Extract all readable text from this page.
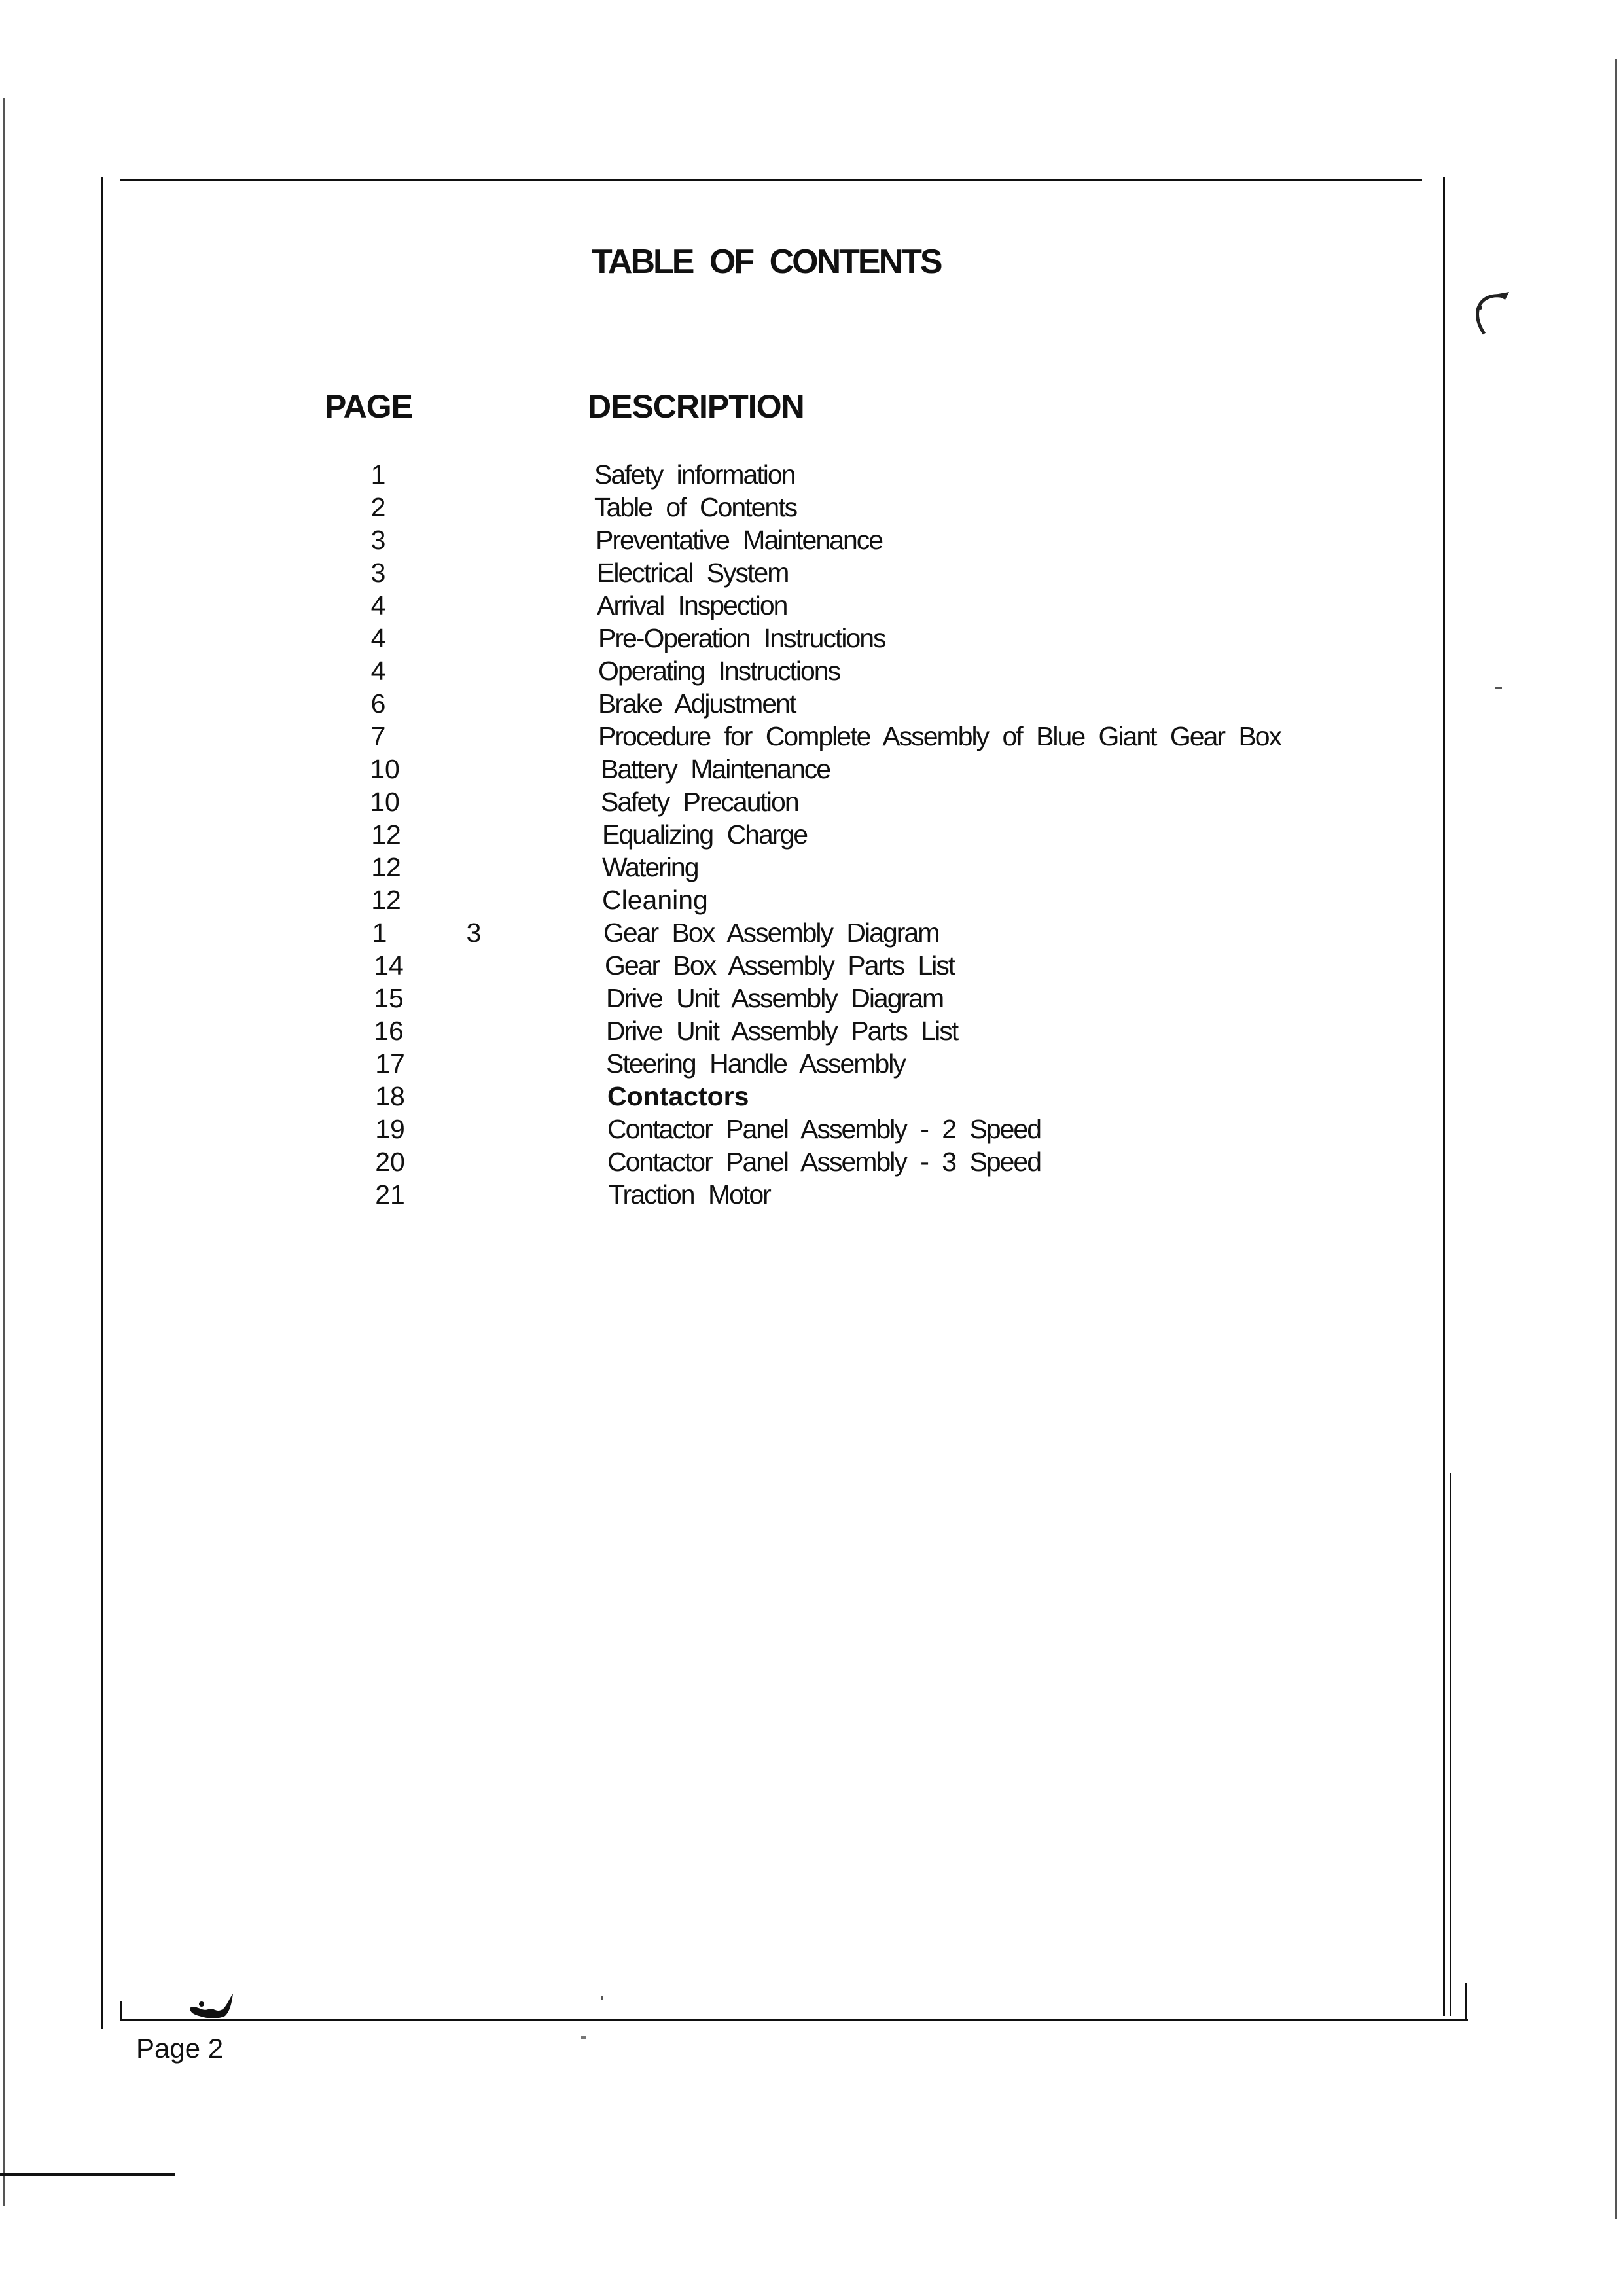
TABLE OF CONTENTS
PAGE	DESCRIPTION
1
2
3
3
4
4
4
6
7
10
10
12
12
12
1	3
14
15
16
17
18
19
20
21
Safety information
Table of Contents
Preventative Maintenance
Electrical System
Arrival Inspection
Pre-Operation Instructions
Operating Instructions
Brake Adjustment
Procedure for Complete Assembly of Blue Giant Gear Box
Battery Maintenance
Safety Precaution
Equalizing Charge
Watering
Cleaning
Gear Box Assembly Diagram
Gear Box Assembly Parts List
Drive Unit Assembly Diagram
Drive Unit Assembly Parts List
Steering Handle Assembly
Contactors
Contactor Panel Assembly - 2 Speed
Contactor Panel Assembly - 3 Speed
Traction Motor
Page 2
